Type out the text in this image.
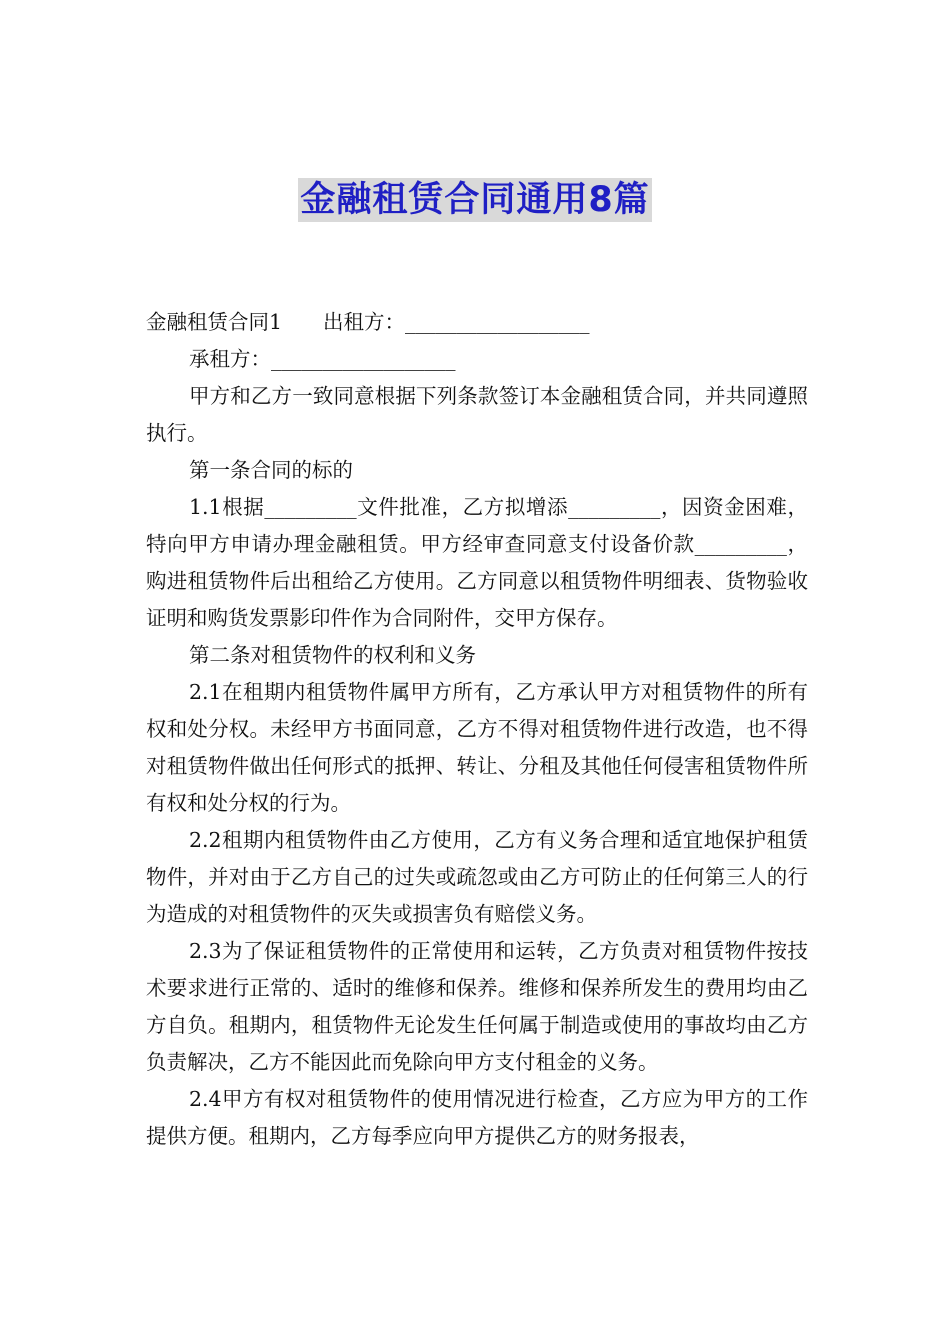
金融租赁合同通用8篇

金融租赁合同1　　出租方：__________________

承租方：__________________

甲方和乙方一致同意根据下列条款签订本金融租赁合同，并共同遵照执行。

第一条合同的标的

1.1根据_________文件批准，乙方拟增添_________，因资金困难，特向甲方申请办理金融租赁。甲方经审查同意支付设备价款_________，购进租赁物件后出租给乙方使用。乙方同意以租赁物件明细表、货物验收证明和购货发票影印件作为合同附件，交甲方保存。

第二条对租赁物件的权利和义务

2.1在租期内租赁物件属甲方所有，乙方承认甲方对租赁物件的所有权和处分权。未经甲方书面同意，乙方不得对租赁物件进行改造，也不得对租赁物件做出任何形式的抵押、转让、分租及其他任何侵害租赁物件所有权和处分权的行为。

2.2租期内租赁物件由乙方使用，乙方有义务合理和适宜地保护租赁物件，并对由于乙方自己的过失或疏忽或由乙方可防止的任何第三人的行为造成的对租赁物件的灭失或损害负有赔偿义务。

2.3为了保证租赁物件的正常使用和运转，乙方负责对租赁物件按技术要求进行正常的、适时的维修和保养。维修和保养所发生的费用均由乙方自负。租期内，租赁物件无论发生任何属于制造或使用的事故均由乙方负责解决，乙方不能因此而免除向甲方支付租金的义务。

2.4甲方有权对租赁物件的使用情况进行检查，乙方应为甲方的工作提供方便。租期内，乙方每季应向甲方提供乙方的财务报表，
